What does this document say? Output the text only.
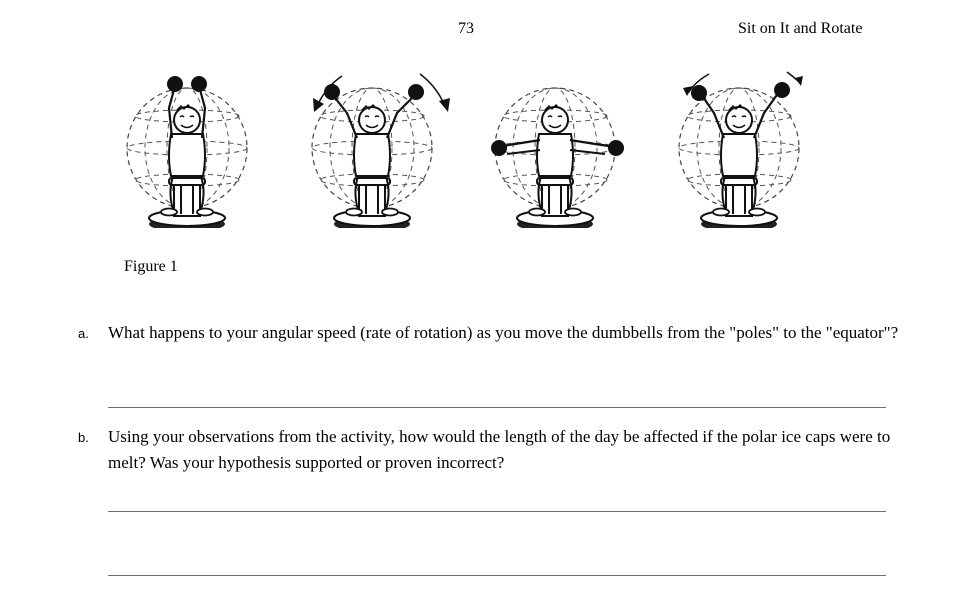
73	Sit on It and Rotate
Figure 1
a. What happens to your angular speed (rate of rotation) as you move the dumbbells from the "poles" to the "equator"?
b. Using your observations from the activity, how would the length of the day be affected if the polar ice caps were to melt? Was your hypothesis supported or proven incorrect?
